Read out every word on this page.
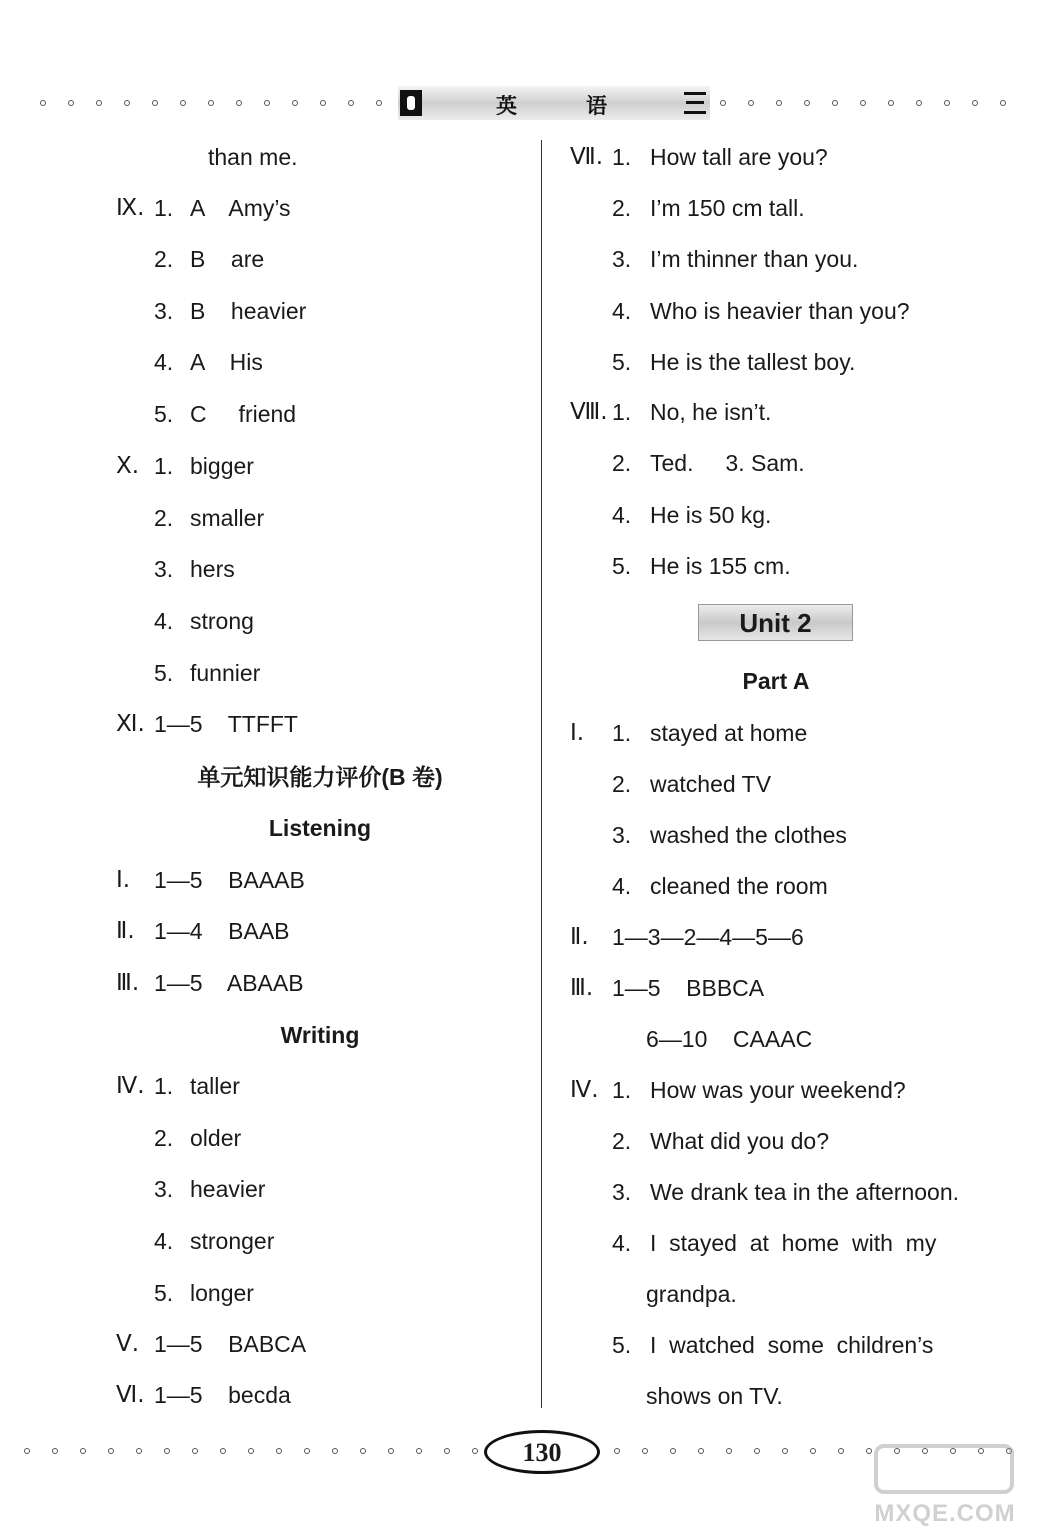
英	语
Unit 2
130
MXQE.COM
than me.
Ⅸ. 1. A    Amy’s
2. B    are
3. B    heavier
4. A    His
5. C     friend
Ⅹ. 1. bigger
2. smaller
3. hers
4. strong
5. funnier
Ⅺ. 1—5    TTFFT
单元知识能力评价(B 卷)
Listening
Ⅰ. 1—5    BAAAB
Ⅱ. 1—4    BAAB
Ⅲ. 1—5    ABAAB
Writing
Ⅳ. 1. taller
2. older
3. heavier
4. stronger
5. longer
Ⅴ. 1—5    BABCA
Ⅵ. 1—5    becda
Ⅶ. 1. How tall are you?
2. I’m 150 cm tall.
3. I’m thinner than you.
4. Who is heavier than you?
5. He is the tallest boy.
Ⅷ. 1. No, he isn’t.
2. Ted.     3. Sam.
4. He is 50 kg.
5. He is 155 cm.
Part A
Ⅰ. 1. stayed at home
2. watched TV
3. washed the clothes
4. cleaned the room
Ⅱ. 1—3—2—4—5—6
Ⅲ. 1—5    BBBCA
6—10    CAAAC
Ⅳ. 1. How was your weekend?
2. What did you do?
3. We drank tea in the afternoon.
4. I  stayed  at  home  with  my
grandpa.
5. I  watched  some  children’s
shows on TV.
